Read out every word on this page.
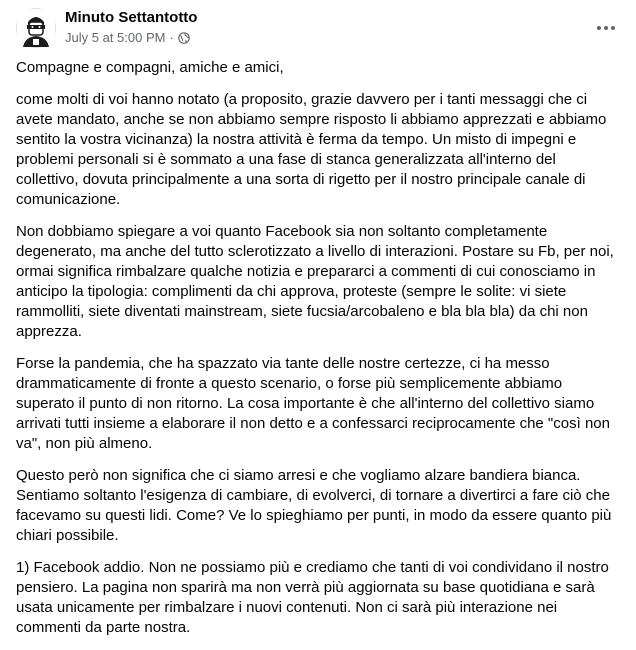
Minuto Settantotto
July 5 at 5:00 PM ·

Compagne e compagni, amiche e amici,

come molti di voi hanno notato (a proposito, grazie davvero per i tanti messaggi che ci avete mandato, anche se non abbiamo sempre risposto li abbiamo apprezzati e abbiamo sentito la vostra vicinanza) la nostra attività è ferma da tempo. Un misto di impegni e problemi personali si è sommato a una fase di stanca generalizzata all'interno del collettivo, dovuta principalmente a una sorta di rigetto per il nostro principale canale di comunicazione.

Non dobbiamo spiegare a voi quanto Facebook sia non soltanto completamente degenerato, ma anche del tutto sclerotizzato a livello di interazioni. Postare su Fb, per noi, ormai significa rimbalzare qualche notizia e prepararci a commenti di cui conosciamo in anticipo la tipologia: complimenti da chi approva, proteste (sempre le solite: vi siete rammolliti, siete diventati mainstream, siete fucsia/arcobaleno e bla bla bla) da chi non apprezza.

Forse la pandemia, che ha spazzato via tante delle nostre certezze, ci ha messo drammaticamente di fronte a questo scenario, o forse più semplicemente abbiamo superato il punto di non ritorno. La cosa importante è che all'interno del collettivo siamo arrivati tutti insieme a elaborare il non detto e a confessarci reciprocamente che "così non va", non più almeno.

Questo però non significa che ci siamo arresi e che vogliamo alzare bandiera bianca. Sentiamo soltanto l'esigenza di cambiare, di evolverci, di tornare a divertirci a fare ciò che facevamo su questi lidi. Come? Ve lo spieghiamo per punti, in modo da essere quanto più chiari possibile.

1) Facebook addio. Non ne possiamo più e crediamo che tanti di voi condividano il nostro pensiero. La pagina non sparirà ma non verrà più aggiornata su base quotidiana e sarà usata unicamente per rimbalzare i nuovi contenuti. Non ci sarà più interazione nei commenti da parte nostra.
